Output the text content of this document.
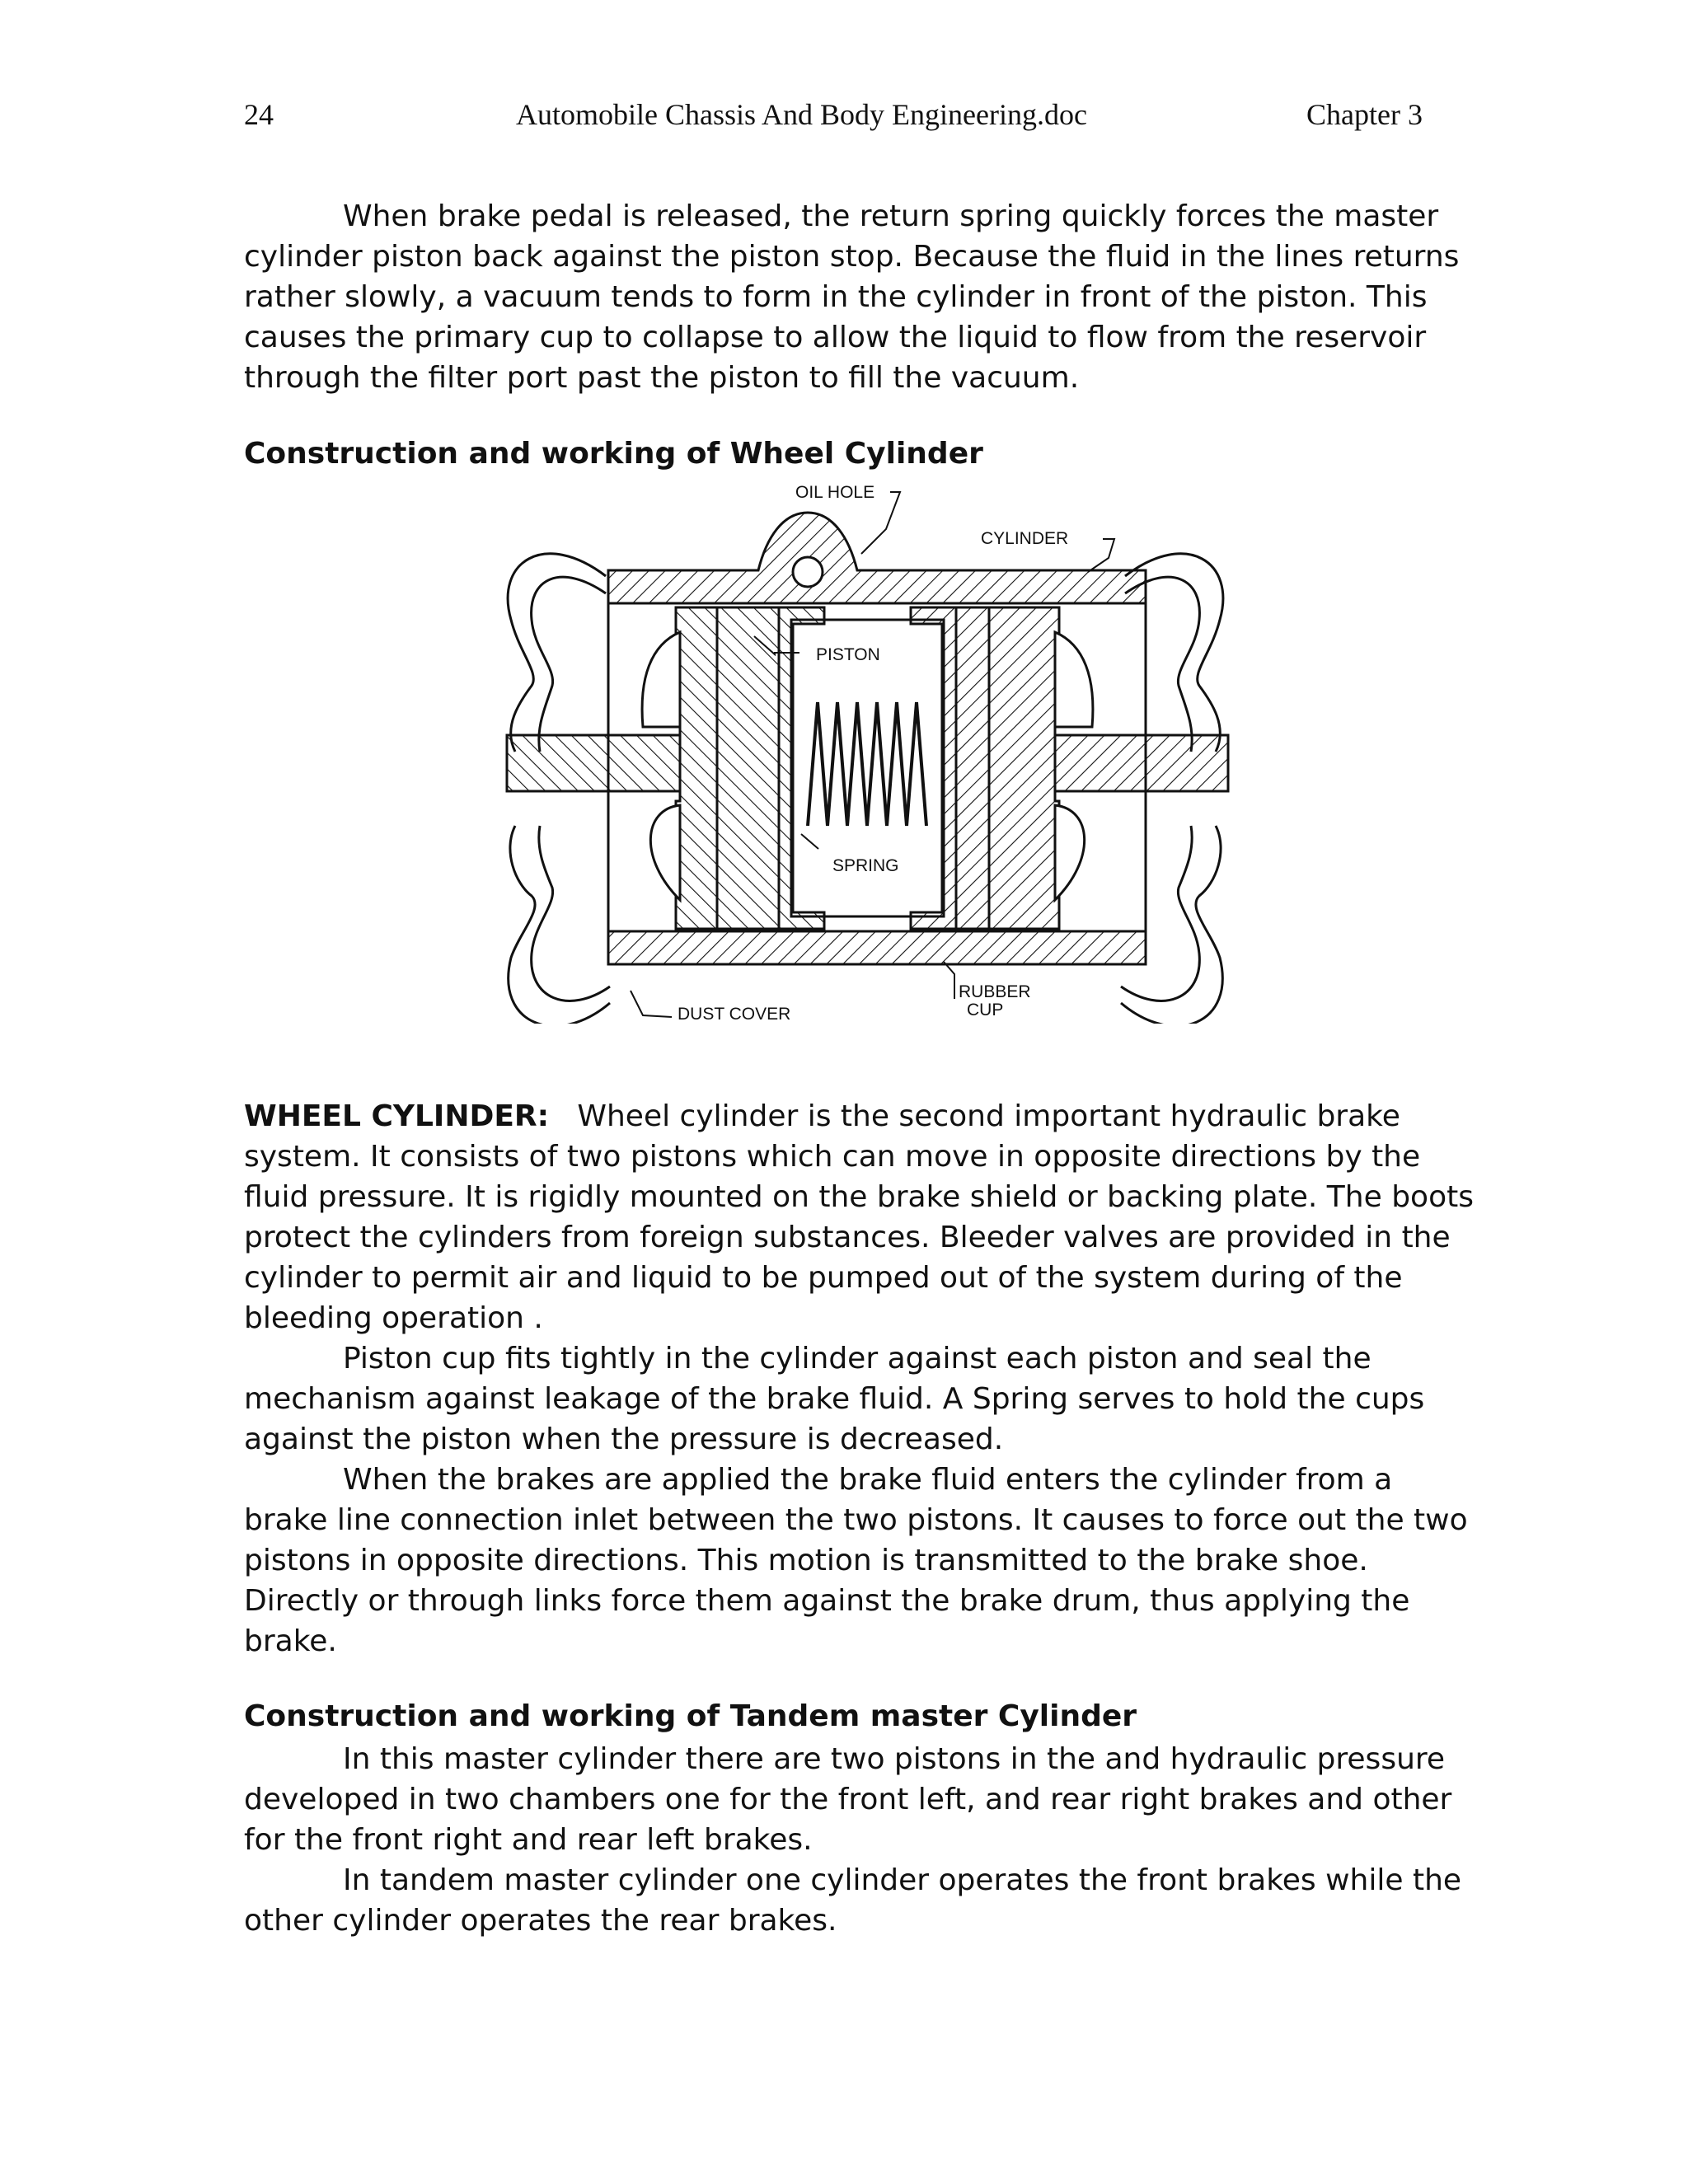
24	Automobile Chassis And Body Engineering.doc	Chapter 3

When brake pedal is released, the return spring quickly forces the master cylinder piston back against the piston stop. Because the fluid in the lines returns rather slowly, a vacuum tends to form in the cylinder in front of the piston. This causes the primary cup to collapse to allow the liquid to flow from the reservoir through the filter port past the piston to fill the vacuum.

Construction and working of Wheel Cylinder
OIL HOLE
CYLINDER
PISTON
SPRING
DUST COVER
RUBBER
CUP

WHEEL CYLINDER: Wheel cylinder is the second important hydraulic brake system. It consists of two pistons which can move in opposite directions by the fluid pressure. It is rigidly mounted on the brake shield or backing plate. The boots protect the cylinders from foreign substances. Bleeder valves are provided in the cylinder to permit air and liquid to be pumped out of the system during of the bleeding operation .

Piston cup fits tightly in the cylinder against each piston and seal the mechanism against leakage of the brake fluid. A Spring serves to hold the cups against the piston when the pressure is decreased.

When the brakes are applied the brake fluid enters the cylinder from a brake line connection inlet between the two pistons. It causes to force out the two pistons in opposite directions. This motion is transmitted to the brake shoe. Directly or through links force them against the brake drum, thus applying the brake.

Construction and working of Tandem master Cylinder

In this master cylinder there are two pistons in the and hydraulic pressure developed in two chambers one for the front left, and rear right brakes and other for the front right and rear left brakes.

In tandem master cylinder one cylinder operates the front brakes while the other cylinder operates the rear brakes.
